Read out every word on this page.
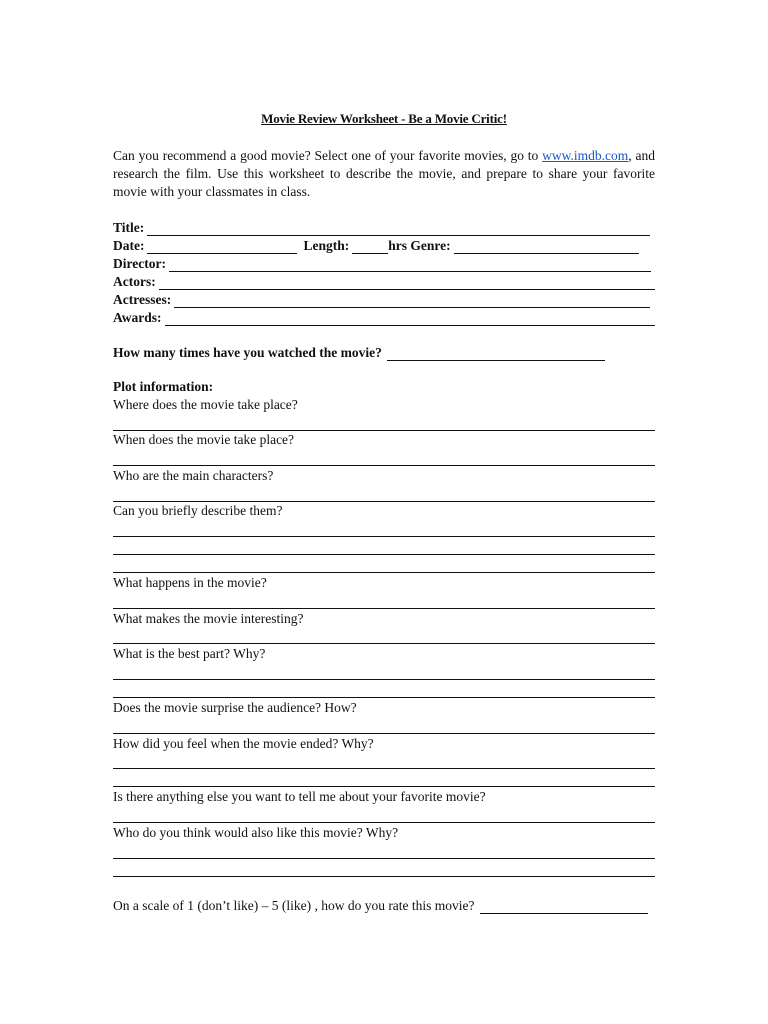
Movie Review Worksheet - Be a Movie Critic!
Can you recommend a good movie? Select one of your favorite movies, go to www.imdb.com, and research the film. Use this worksheet to describe the movie, and prepare to share your favorite movie with your classmates in class.
Title:
Date:	Length:	hrs Genre:
Director:
Actors:
Actresses:
Awards:
How many times have you watched the movie?
Plot information:
Where does the movie take place?
When does the movie take place?
Who are the main characters?
Can you briefly describe them?
What happens in the movie?
What makes the movie interesting?
What is the best part? Why?
Does the movie surprise the audience? How?
How did you feel when the movie ended? Why?
Is there anything else you want to tell me about your favorite movie?
Who do you think would also like this movie? Why?
On a scale of 1 (don’t like) – 5 (like) , how do you rate this movie?
